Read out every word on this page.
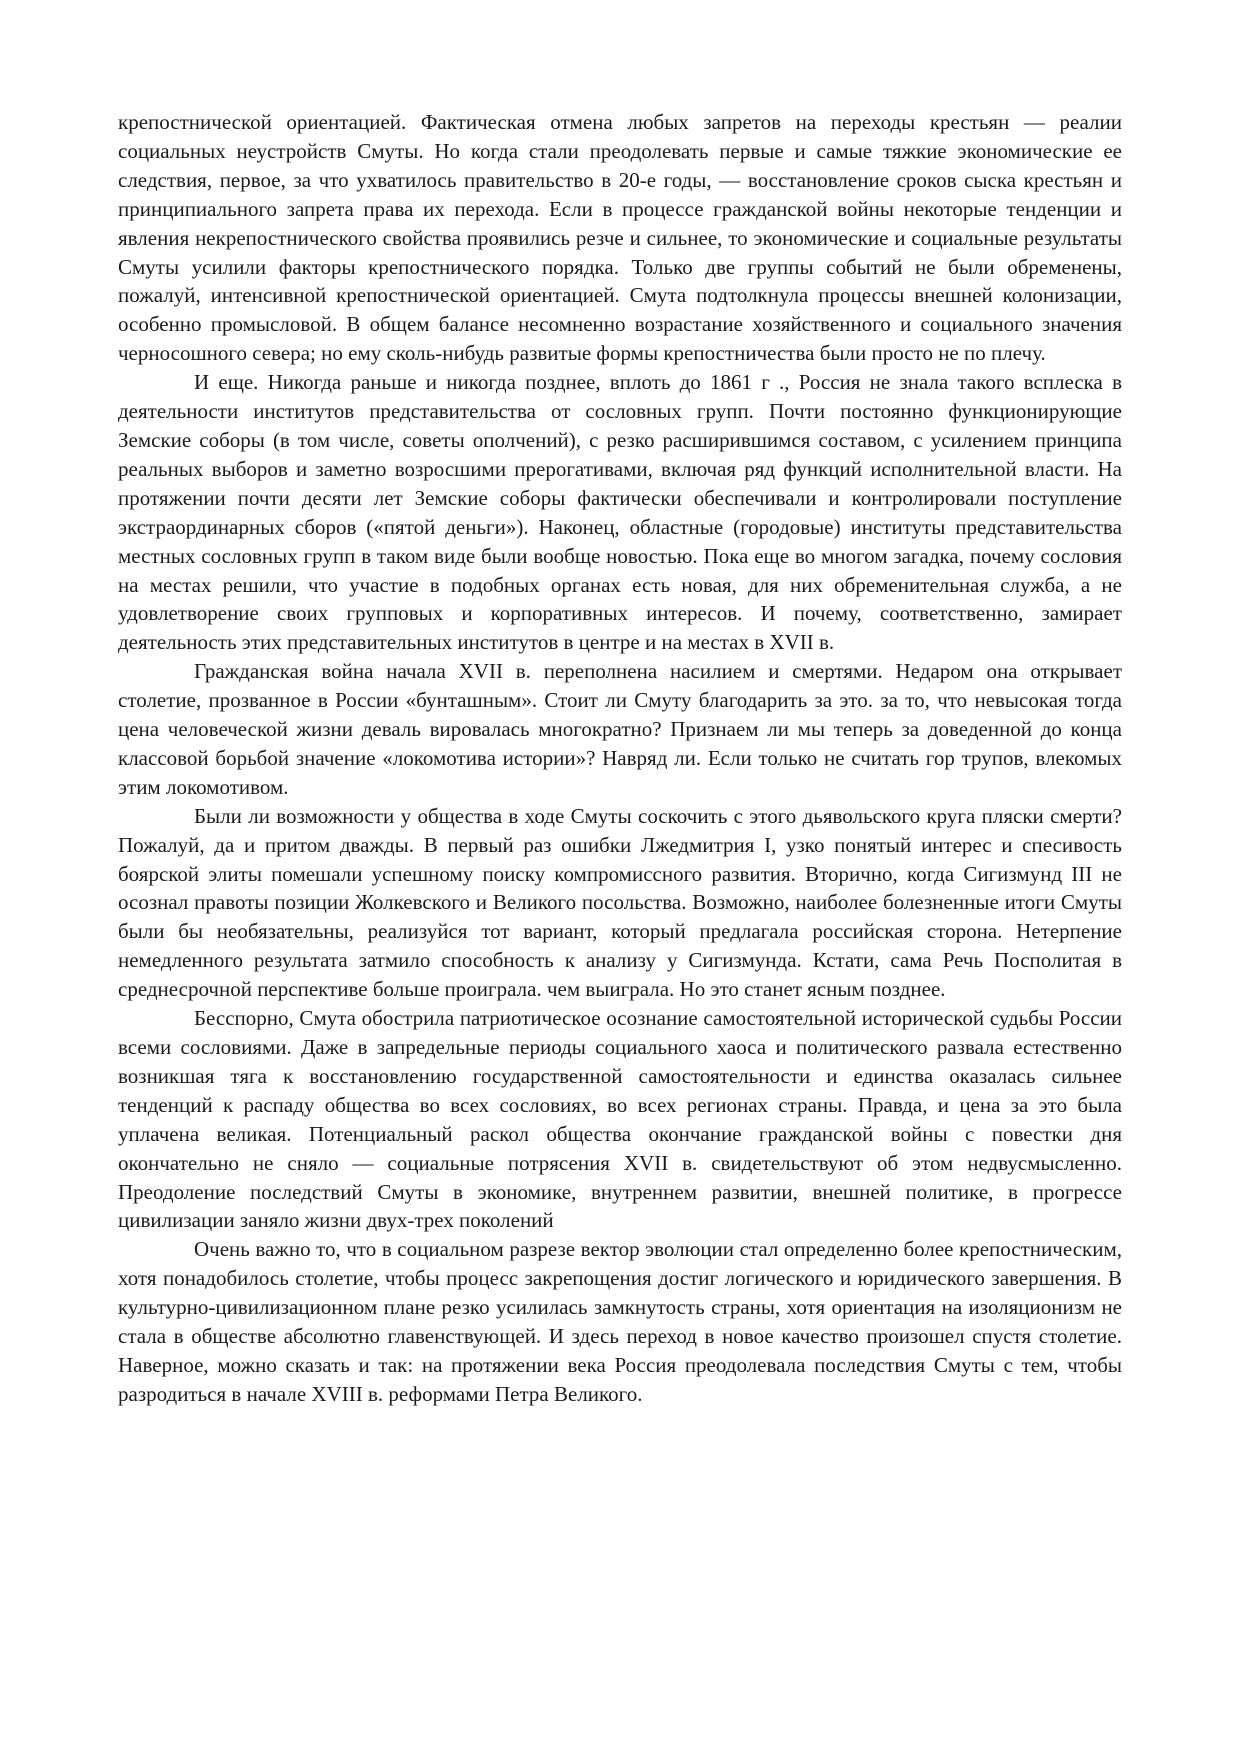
крепостнической ориентацией. Фактическая отмена любых запретов на переходы крестьян — реалии социальных неустройств Смуты. Но когда стали преодолевать первые и самые тяжкие экономические ее следствия, первое, за что ухватилось правительство в 20-е годы, — восстановление сроков сыска крестьян и принципиального запрета права их перехода. Если в процессе гражданской войны некоторые тенденции и явления некрепостнического свойства проявились резче и сильнее, то экономические и социальные результаты Смуты усилили факторы крепостнического порядка. Только две группы событий не были обременены, пожалуй, интенсивной крепостнической ориентацией. Смута подтолкнула процессы внешней колонизации, особенно промысловой. В общем балансе несомненно возрастание хозяйственного и социального значения черносошного севера; но ему сколь-нибудь развитые формы крепостничества были просто не по плечу.

И еще. Никогда раньше и никогда позднее, вплоть до 1861 г ., Россия не знала такого всплеска в деятельности институтов представительства от сословных групп. Почти постоянно функционирующие Земские соборы (в том числе, советы ополчений), с резко расширившимся составом, с усилением принципа реальных выборов и заметно возросшими прерогативами, включая ряд функций исполнительной власти. На протяжении почти десяти лет Земские соборы фактически обеспечивали и контролировали поступление экстраординарных сборов («пятой деньги»). Наконец, областные (городовые) институты представительства местных сословных групп в таком виде были вообще новостью. Пока еще во многом загадка, почему сословия на местах решили, что участие в подобных органах есть новая, для них обременительная служба, а не удовлетворение своих групповых и корпоративных интересов. И почему, соответственно, замирает деятельность этих представительных институтов в центре и на местах в XVII в.

Гражданская война начала XVII в. переполнена насилием и смертями. Недаром она открывает столетие, прозванное в России «бунташным». Стоит ли Смуту благодарить за это. за то, что невысокая тогда цена человеческой жизни деваль вировалась многократно? Признаем ли мы теперь за доведенной до конца классовой борьбой значение «локомотива истории»? Навряд ли. Если только не считать гор трупов, влекомых этим локомотивом.

Были ли возможности у общества в ходе Смуты соскочить с этого дьявольского круга пляски смерти? Пожалуй, да и притом дважды. В первый раз ошибки Лжедмитрия I, узко понятый интерес и спесивость боярской элиты помешали успешному поиску компромиссного развития. Вторично, когда Сигизмунд III не осознал правоты позиции Жолкевского и Великого посольства. Возможно, наиболее болезненные итоги Смуты были бы необязательны, реализуйся тот вариант, который предлагала российская сторона. Нетерпение немедленного результата затмило способность к анализу у Сигизмунда. Кстати, сама Речь Посполитая в среднесрочной перспективе больше проиграла. чем выиграла. Но это станет ясным позднее.

Бесспорно, Смута обострила патриотическое осознание самостоятельной исторической судьбы России всеми сословиями. Даже в запредельные периоды социального хаоса и политического развала естественно возникшая тяга к восстановлению государственной самостоятельности и единства оказалась сильнее тенденций к распаду общества во всех сословиях, во всех регионах страны. Правда, и цена за это была уплачена великая. Потенциальный раскол общества окончание гражданской войны с повестки дня окончательно не сняло — социальные потрясения XVII в. свидетельствуют об этом недвусмысленно. Преодоление последствий Смуты в экономике, внутреннем развитии, внешней политике, в прогрессе цивилизации заняло жизни двух-трех поколений

Очень важно то, что в социальном разрезе вектор эволюции стал определенно более крепостническим, хотя понадобилось столетие, чтобы процесс закрепощения достиг логического и юридического завершения. В культурно-цивилизационном плане резко усилилась замкнутость страны, хотя ориентация на изоляционизм не стала в обществе абсолютно главенствующей. И здесь переход в новое качество произошел спустя столетие. Наверное, можно сказать и так: на протяжении века Россия преодолевала последствия Смуты с тем, чтобы разродиться в начале XVIII в. реформами Петра Великого.
